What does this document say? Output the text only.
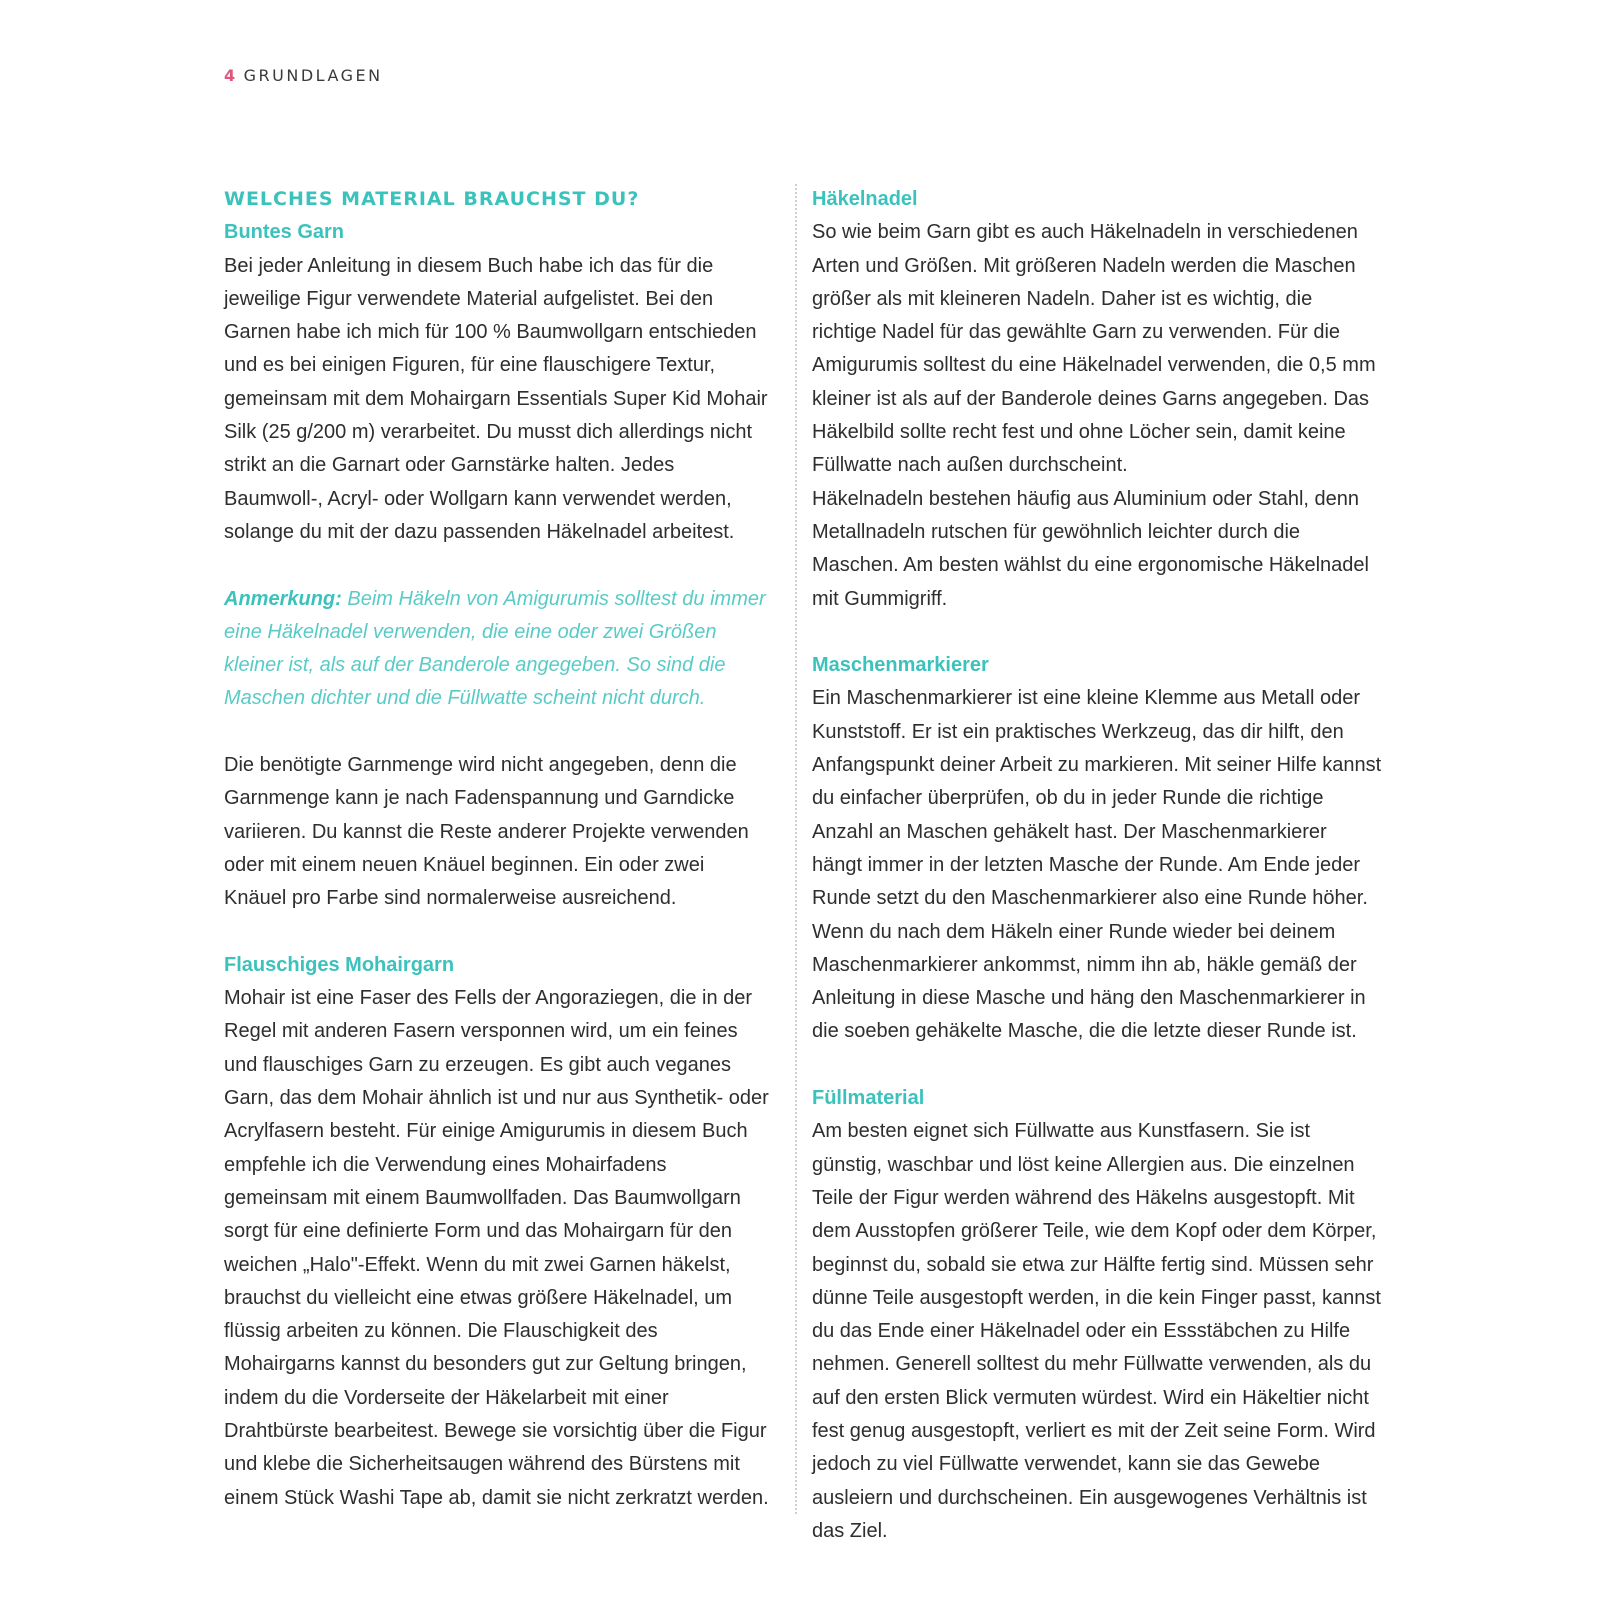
4 GRUNDLAGEN
WELCHES MATERIAL BRAUCHST DU?
Buntes Garn

Bei jeder Anleitung in diesem Buch habe ich das für die jeweilige Figur verwendete Material aufgelistet. Bei den Garnen habe ich mich für 100 % Baumwollgarn entschieden und es bei einigen Figuren, für eine flauschigere Textur, gemeinsam mit dem Mohairgarn Essentials Super Kid Mohair Silk (25 g/200 m) verarbeitet. Du musst dich allerdings nicht strikt an die Garnart oder Garnstärke halten. Jedes Baumwoll-, Acryl- oder Wollgarn kann verwendet werden, solange du mit der dazu passenden Häkelnadel arbeitest.

Anmerkung: Beim Häkeln von Amigurumis solltest du immer eine Häkelnadel verwenden, die eine oder zwei Größen kleiner ist, als auf der Banderole angegeben. So sind die Maschen dichter und die Füllwatte scheint nicht durch.

Die benötigte Garnmenge wird nicht angegeben, denn die Garnmenge kann je nach Fadenspannung und Garndicke variieren. Du kannst die Reste anderer Projekte verwenden oder mit einem neuen Knäuel beginnen. Ein oder zwei Knäuel pro Farbe sind normalerweise ausreichend.

Flauschiges Mohairgarn

Mohair ist eine Faser des Fells der Angoraziegen, die in der Regel mit anderen Fasern versponnen wird, um ein feines und flauschiges Garn zu erzeugen. Es gibt auch veganes Garn, das dem Mohair ähnlich ist und nur aus Synthetik- oder Acrylfasern besteht. Für einige Amigurumis in diesem Buch empfehle ich die Verwendung eines Mohairfadens gemeinsam mit einem Baumwollfaden. Das Baumwollgarn sorgt für eine definierte Form und das Mohairgarn für den weichen „Halo"-Effekt. Wenn du mit zwei Garnen häkelst, brauchst du vielleicht eine etwas größere Häkelnadel, um flüssig arbeiten zu können. Die Flauschigkeit des Mohairgarns kannst du besonders gut zur Geltung bringen, indem du die Vorderseite der Häkelarbeit mit einer Drahtbürste bearbeitest. Bewege sie vorsichtig über die Figur und klebe die Sicherheitsaugen während des Bürstens mit einem Stück Washi Tape ab, damit sie nicht zerkratzt werden.

Häkelnadel

So wie beim Garn gibt es auch Häkelnadeln in verschiedenen Arten und Größen. Mit größeren Nadeln werden die Maschen größer als mit kleineren Nadeln. Daher ist es wichtig, die richtige Nadel für das gewählte Garn zu verwenden. Für die Amigurumis solltest du eine Häkelnadel verwenden, die 0,5 mm kleiner ist als auf der Banderole deines Garns angegeben. Das Häkelbild sollte recht fest und ohne Löcher sein, damit keine Füllwatte nach außen durchscheint.

Häkelnadeln bestehen häufig aus Aluminium oder Stahl, denn Metallnadeln rutschen für gewöhnlich leichter durch die Maschen. Am besten wählst du eine ergonomische Häkelnadel mit Gummigriff.

Maschenmarkierer

Ein Maschenmarkierer ist eine kleine Klemme aus Metall oder Kunststoff. Er ist ein praktisches Werkzeug, das dir hilft, den Anfangspunkt deiner Arbeit zu markieren. Mit seiner Hilfe kannst du einfacher überprüfen, ob du in jeder Runde die richtige Anzahl an Maschen gehäkelt hast. Der Maschenmarkierer hängt immer in der letzten Masche der Runde. Am Ende jeder Runde setzt du den Maschenmarkierer also eine Runde höher. Wenn du nach dem Häkeln einer Runde wieder bei deinem Maschenmarkierer ankommst, nimm ihn ab, häkle gemäß der Anleitung in diese Masche und häng den Maschenmarkierer in die soeben gehäkelte Masche, die die letzte dieser Runde ist.

Füllmaterial

Am besten eignet sich Füllwatte aus Kunstfasern. Sie ist günstig, waschbar und löst keine Allergien aus. Die einzelnen Teile der Figur werden während des Häkelns ausgestopft. Mit dem Ausstopfen größerer Teile, wie dem Kopf oder dem Körper, beginnst du, sobald sie etwa zur Hälfte fertig sind. Müssen sehr dünne Teile ausgestopft werden, in die kein Finger passt, kannst du das Ende einer Häkelnadel oder ein Essstäbchen zu Hilfe nehmen. Generell solltest du mehr Füllwatte verwenden, als du auf den ersten Blick vermuten würdest. Wird ein Häkeltier nicht fest genug ausgestopft, verliert es mit der Zeit seine Form. Wird jedoch zu viel Füllwatte verwendet, kann sie das Gewebe ausleiern und durchscheinen. Ein ausgewogenes Verhältnis ist das Ziel.
